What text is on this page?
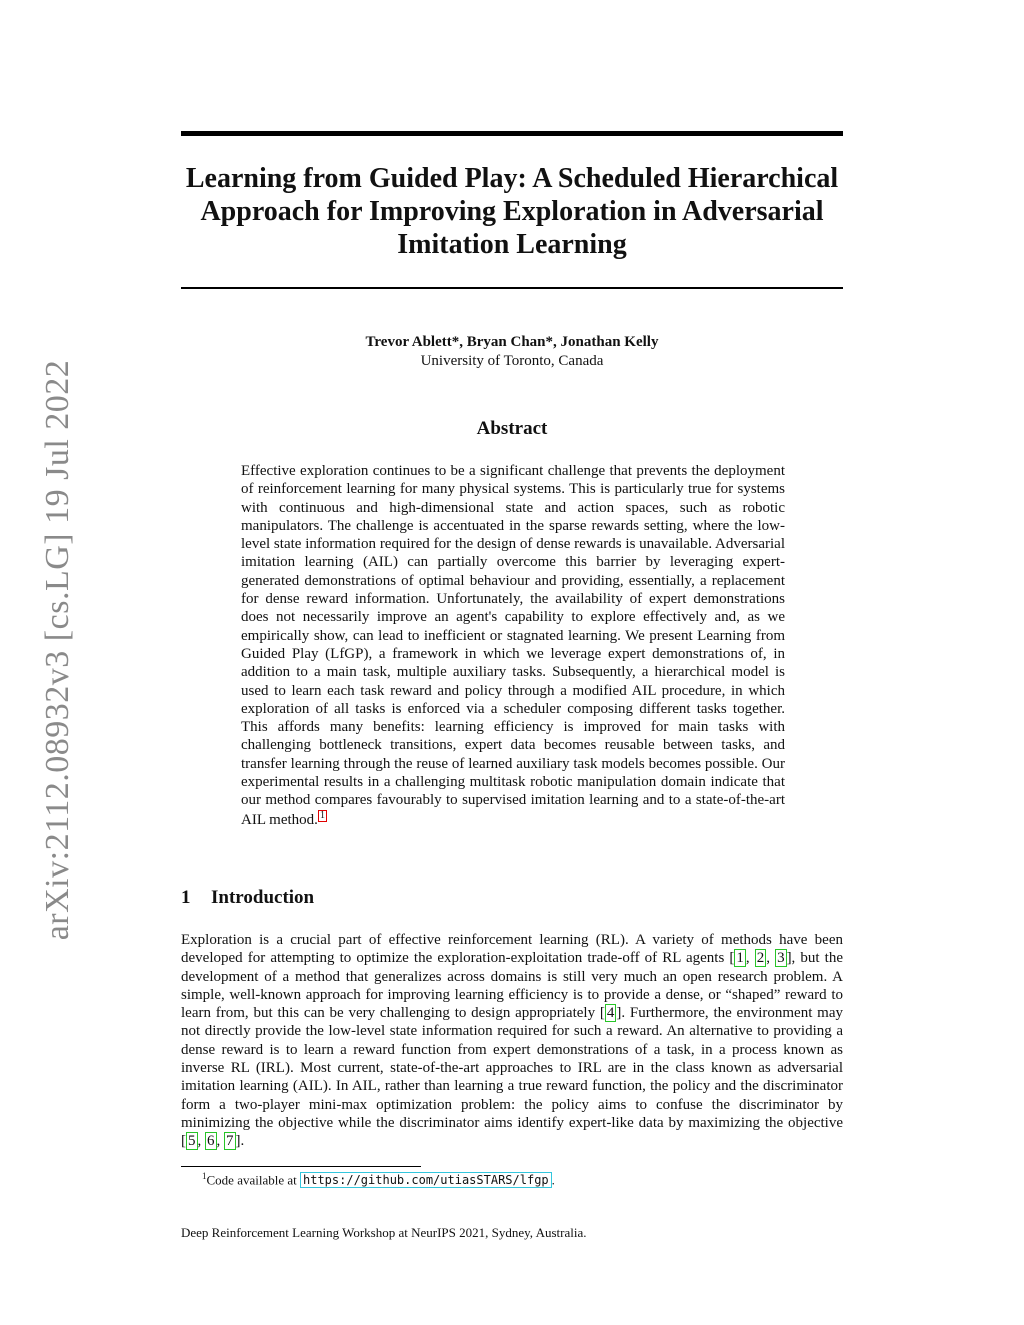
arXiv:2112.08932v3 [cs.LG] 19 Jul 2022
Learning from Guided Play: A Scheduled Hierarchical Approach for Improving Exploration in Adversarial Imitation Learning
Trevor Ablett*, Bryan Chan*, Jonathan Kelly
University of Toronto, Canada
Abstract

Effective exploration continues to be a significant challenge that prevents the deployment of reinforcement learning for many physical systems. This is particularly true for systems with continuous and high-dimensional state and action spaces, such as robotic manipulators. The challenge is accentuated in the sparse rewards setting, where the low-level state information required for the design of dense rewards is unavailable. Adversarial imitation learning (AIL) can partially overcome this barrier by leveraging expert-generated demonstrations of optimal behaviour and providing, essentially, a replacement for dense reward information. Unfortunately, the availability of expert demonstrations does not necessarily improve an agent's capability to explore effectively and, as we empirically show, can lead to inefficient or stagnated learning. We present Learning from Guided Play (LfGP), a framework in which we leverage expert demonstrations of, in addition to a main task, multiple auxiliary tasks. Subsequently, a hierarchical model is used to learn each task reward and policy through a modified AIL procedure, in which exploration of all tasks is enforced via a scheduler composing different tasks together. This affords many benefits: learning efficiency is improved for main tasks with challenging bottleneck transitions, expert data becomes reusable between tasks, and transfer learning through the reuse of learned auxiliary task models becomes possible. Our experimental results in a challenging multitask robotic manipulation domain indicate that our method compares favourably to supervised imitation learning and to a state-of-the-art AIL method. 1

1 Introduction

Exploration is a crucial part of effective reinforcement learning (RL). A variety of methods have been developed for attempting to optimize the exploration-exploitation trade-off of RL agents [ 1 , 2 , 3 ], but the development of a method that generalizes across domains is still very much an open research problem. A simple, well-known approach for improving learning efficiency is to provide a dense, or “shaped” reward to learn from, but this can be very challenging to design appropriately [ 4 ]. Furthermore, the environment may not directly provide the low-level state information required for such a reward. An alternative to providing a dense reward is to learn a reward function from expert demonstrations of a task, in a process known as inverse RL (IRL). Most current, state-of-the-art approaches to IRL are in the class known as adversarial imitation learning (AIL). In AIL, rather than learning a true reward function, the policy and the discriminator form a two-player mini-max optimization problem: the policy aims to confuse the discriminator by minimizing the objective while the discriminator aims identify expert-like data by maximizing the objective [ 5 , 6 , 7 ].

$^1$Code available at https://github.com/utiasSTARS/lfgp .
Deep Reinforcement Learning Workshop at NeurIPS 2021, Sydney, Australia.
